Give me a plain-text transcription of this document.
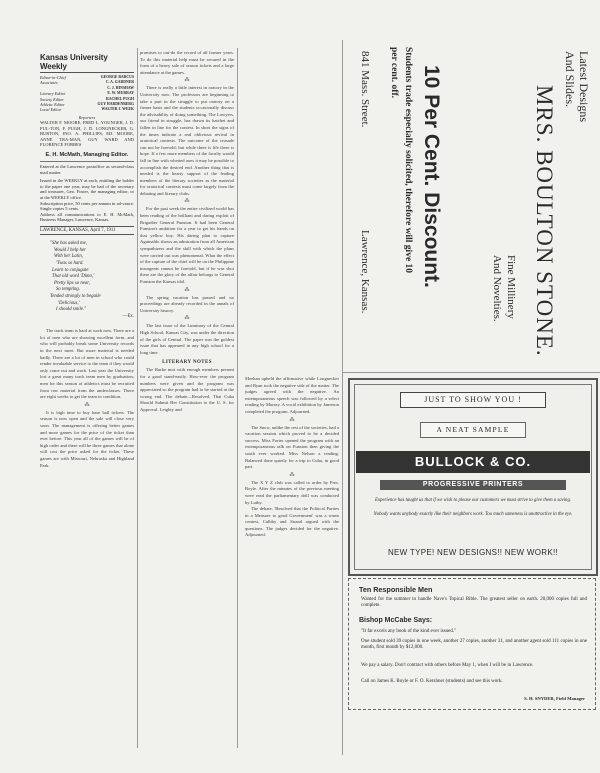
Kansas University Weekly
Editor-in-Chief	GEORGE BARCUS
Associates	C. A. GARDNER
C. J. HINSHAW
Literary Editor	E. W. MURRAY
Society Editor	RACHEL PUGH
Athletic Editor	GUY HARDENBERG
Local Editor	WALTER J. WEEK
Reporters
WALTER F. MOORE, FRED L. YOUNGER, J. D. FUL-TON, F. PUGH, J. D. LONGNECKER, G. BURTON, JNO. A. PHILLIPS, ED. MOORE, ANNE TRA-MAN, GUY WARD AND FLORENCE FORBES
E. H. McMath, Managing Editor.
Entered at the Lawrence postoffice as second-class mail matter.
Issued in the WEEKLY at each, entitling the holder to the paper one year, may be had of the secretary and treasurer, Geo. Foster, the managing editor, or at the WEEKLY office.
Subscription price, 50 cents per annum in ad-vance. Single copies 5 cents.
Address all communications to E. H. McMath, Business Manager, Lawrence, Kansas.
LAWRENCE, KANSAS, April 7, 1911
"She has asked me,
Would I help her
With her Latin,
'Twas so hard.
Learn to conjugate
That old word 'Dimo,'
Pretty lips so near,
So tempting.
Tended strongly to beguile
'Delicious,'
I should smile."
—Ex.
The track team is hard at work now. There are a lot of men who are showing excellent form, and who will probably break some University records in the next meet. But more material is needed badly. There are a lot of men in school who could render invaluable service to the team if they would only come out and work. Last year the University lost a great many track team men by graduation; men for this season of athletics must be recruited from raw material from the underclasses. There are eight weeks to get the team in condition.
⁂
It is high time to buy base ball tickets. The season is now open and the sale will close very soon. The management is offering better games and more games for the price of the ticket than ever before. This year all of the games will be of high order and there will be three games that alone will cost the price asked for the ticket. These games are with Missouri, Nebraska and Highland Park.
promises to out-do the record of all former years. To do this material help must be secured in the form of a heavy sale of season tickets and a large attendance at the games.
⁂
There is really a little interest in oratory in the University now. The professors are beginning to take a part in the struggle to put oratory on a firmer basis and the students occasionally discuss the advisability of doing something. The Lawyers, our friend in struggle, has drawn its hatchet and fallen in line for the contest. In short the signs of the times indicate a real oblivious revival in oratorical contests. The outcome of the crusade can not be foretold; but while there is life there is hope. If a few more members of the faculty would fall in line with whetted axes it may be possible to accomplish the desired end. Another thing that is needed is the hearty support of the leading members of the literary societies as the material for oratorical contests must come largely from the debating and literary clubs.
⁂
For the past week the entire civilized world has been reading of the brilliant and daring exploit of Brigadier General Funston. It had been General Funston's ambition for a year to get his hands on that yellow boy. His daring plan to capture Aguinaldo shows an admiration from all American sympathizers and the skill with which the plans were carried out was phenomenal. What the effect of the capture of the chief will be on the Philippine insurgents cannot be foretold, but if he was shot there are the glory of the affair belongs to General Funston the Kansas idol.
⁂
The spring vacation has passed and no proceedings are already recorded in the annals of University history.
⁂
The last issue of the Luminary of the Central High School, Kansas City, was under the direction of the girls of Central. The paper was the goldest issue that has appeared in any high school for a long time.
LITERARY NOTES
The Burke mot with enough members present for a good stand-easily. How-ever the program numbers were given and the program was appreciated so the program had to be started at the wrong end. The debate—Resolved, That Cuba Should Submit Her Constitution to the U. S. for Approval. Leighty and
Latest Designs
And Slides.
MRS. BOULTON STONE.
Fine Millinery
And Novelties.
10 Per Cent. Discount.
Students trade especially solicited, therefore will give 10
per cent. off.
841 Mass. Street.
Lawrence, Kansas.
Meehan upheld the affirmative while Longnecker and Ryan took the negative side of the matter. The judges agreed with the negative. An extemporaneous speech was followed by a select reading by Murray. A vocal exhibition by Jameson completed the program. Adjourned.
⁂
The Snow, unlike the rest of the societies, had a vacation session which proved to be a decided success. Miss Forter opened the program with an extemporaneous talk on Funston then giving the south ever worked. Miss Nelson a reading. Balanced done quietly for a trip to Cuba, in good part.
⁂
The X Y Z club was called to order by Pres. Boyle. After the minutes of the previous meeting were read the parliamentary drill was conducted by Luthy.
The debate, 'Resolved that the Political Parties in a Measure to good Government' was a warm contest, Culbby and Strand argued with the questions. The judges decided for the negative. Adjourned.
JUST TO SHOW YOU !
A NEAT SAMPLE
BULLOCK & CO.
PROGRESSIVE PRINTERS
Experience has taught us that if we wish to please our customers we must strive to give them a saving.
Nobody wants anybody exactly like their neighbors work. Too much sameness is unattractive in the eye.
NEW TYPE! NEW DESIGNS!! NEW WORK!!
Ten Responsible Men
Wanted for the summer to handle Nave's Topical Bible. The greatest seller on earth. 20,000 copies full and complete.
Bishop McCabe Says:
"It far excels any book of the kind ever issued."
One student sold 39 copies in one week, another 27 copies, another 31, and another agent sold 111 copies in one month, first month by $12,000.
We pay a salary. Don't contract with others before May 1, when I will be in Lawrence.
Call on James K. Boyle or F. O. Kershner (students) and see this work.
S. H. SNYDER, Field Manager
